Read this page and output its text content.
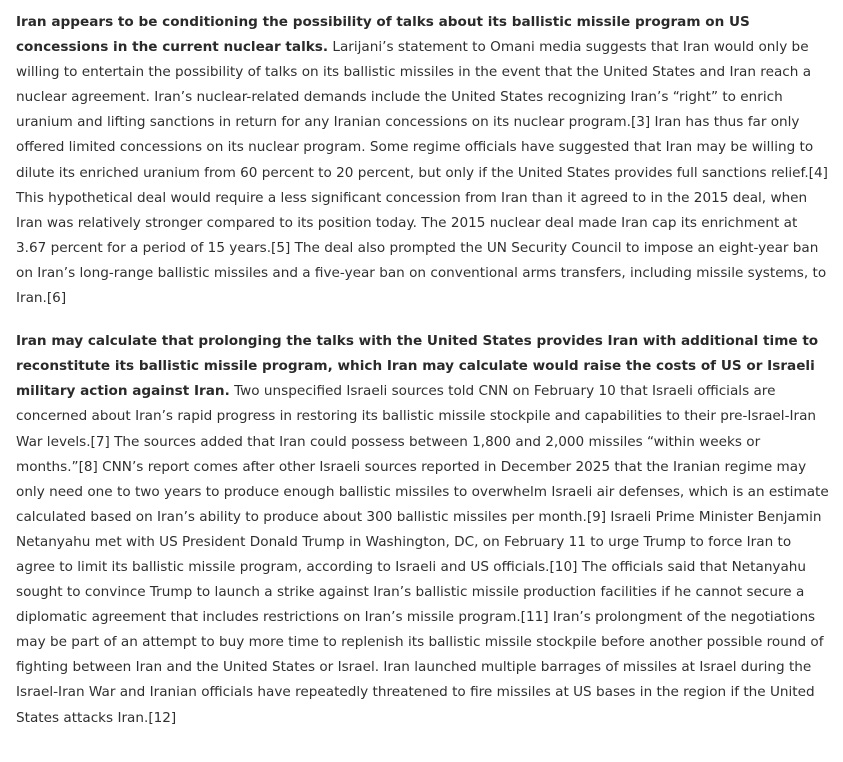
Iran appears to be conditioning the possibility of talks about its ballistic missile program on US concessions in the current nuclear talks. Larijani’s statement to Omani media suggests that Iran would only be willing to entertain the possibility of talks on its ballistic missiles in the event that the United States and Iran reach a nuclear agreement. Iran’s nuclear-related demands include the United States recognizing Iran’s “right” to enrich uranium and lifting sanctions in return for any Iranian concessions on its nuclear program.[3] Iran has thus far only offered limited concessions on its nuclear program. Some regime officials have suggested that Iran may be willing to dilute its enriched uranium from 60 percent to 20 percent, but only if the United States provides full sanctions relief.[4] This hypothetical deal would require a less significant concession from Iran than it agreed to in the 2015 deal, when Iran was relatively stronger compared to its position today. The 2015 nuclear deal made Iran cap its enrichment at 3.67 percent for a period of 15 years.[5] The deal also prompted the UN Security Council to impose an eight-year ban on Iran’s long-range ballistic missiles and a five-year ban on conventional arms transfers, including missile systems, to Iran.[6]

Iran may calculate that prolonging the talks with the United States provides Iran with additional time to reconstitute its ballistic missile program, which Iran may calculate would raise the costs of US or Israeli military action against Iran. Two unspecified Israeli sources told CNN on February 10 that Israeli officials are concerned about Iran’s rapid progress in restoring its ballistic missile stockpile and capabilities to their pre-Israel-Iran War levels.[7] The sources added that Iran could possess between 1,800 and 2,000 missiles “within weeks or months.”[8] CNN’s report comes after other Israeli sources reported in December 2025 that the Iranian regime may only need one to two years to produce enough ballistic missiles to overwhelm Israeli air defenses, which is an estimate calculated based on Iran’s ability to produce about 300 ballistic missiles per month.[9] Israeli Prime Minister Benjamin Netanyahu met with US President Donald Trump in Washington, DC, on February 11 to urge Trump to force Iran to agree to limit its ballistic missile program, according to Israeli and US officials.[10] The officials said that Netanyahu sought to convince Trump to launch a strike against Iran’s ballistic missile production facilities if he cannot secure a diplomatic agreement that includes restrictions on Iran’s missile program.[11] Iran’s prolongment of the negotiations may be part of an attempt to buy more time to replenish its ballistic missile stockpile before another possible round of fighting between Iran and the United States or Israel. Iran launched multiple barrages of missiles at Israel during the Israel-Iran War and Iranian officials have repeatedly threatened to fire missiles at US bases in the region if the United States attacks Iran.[12]
